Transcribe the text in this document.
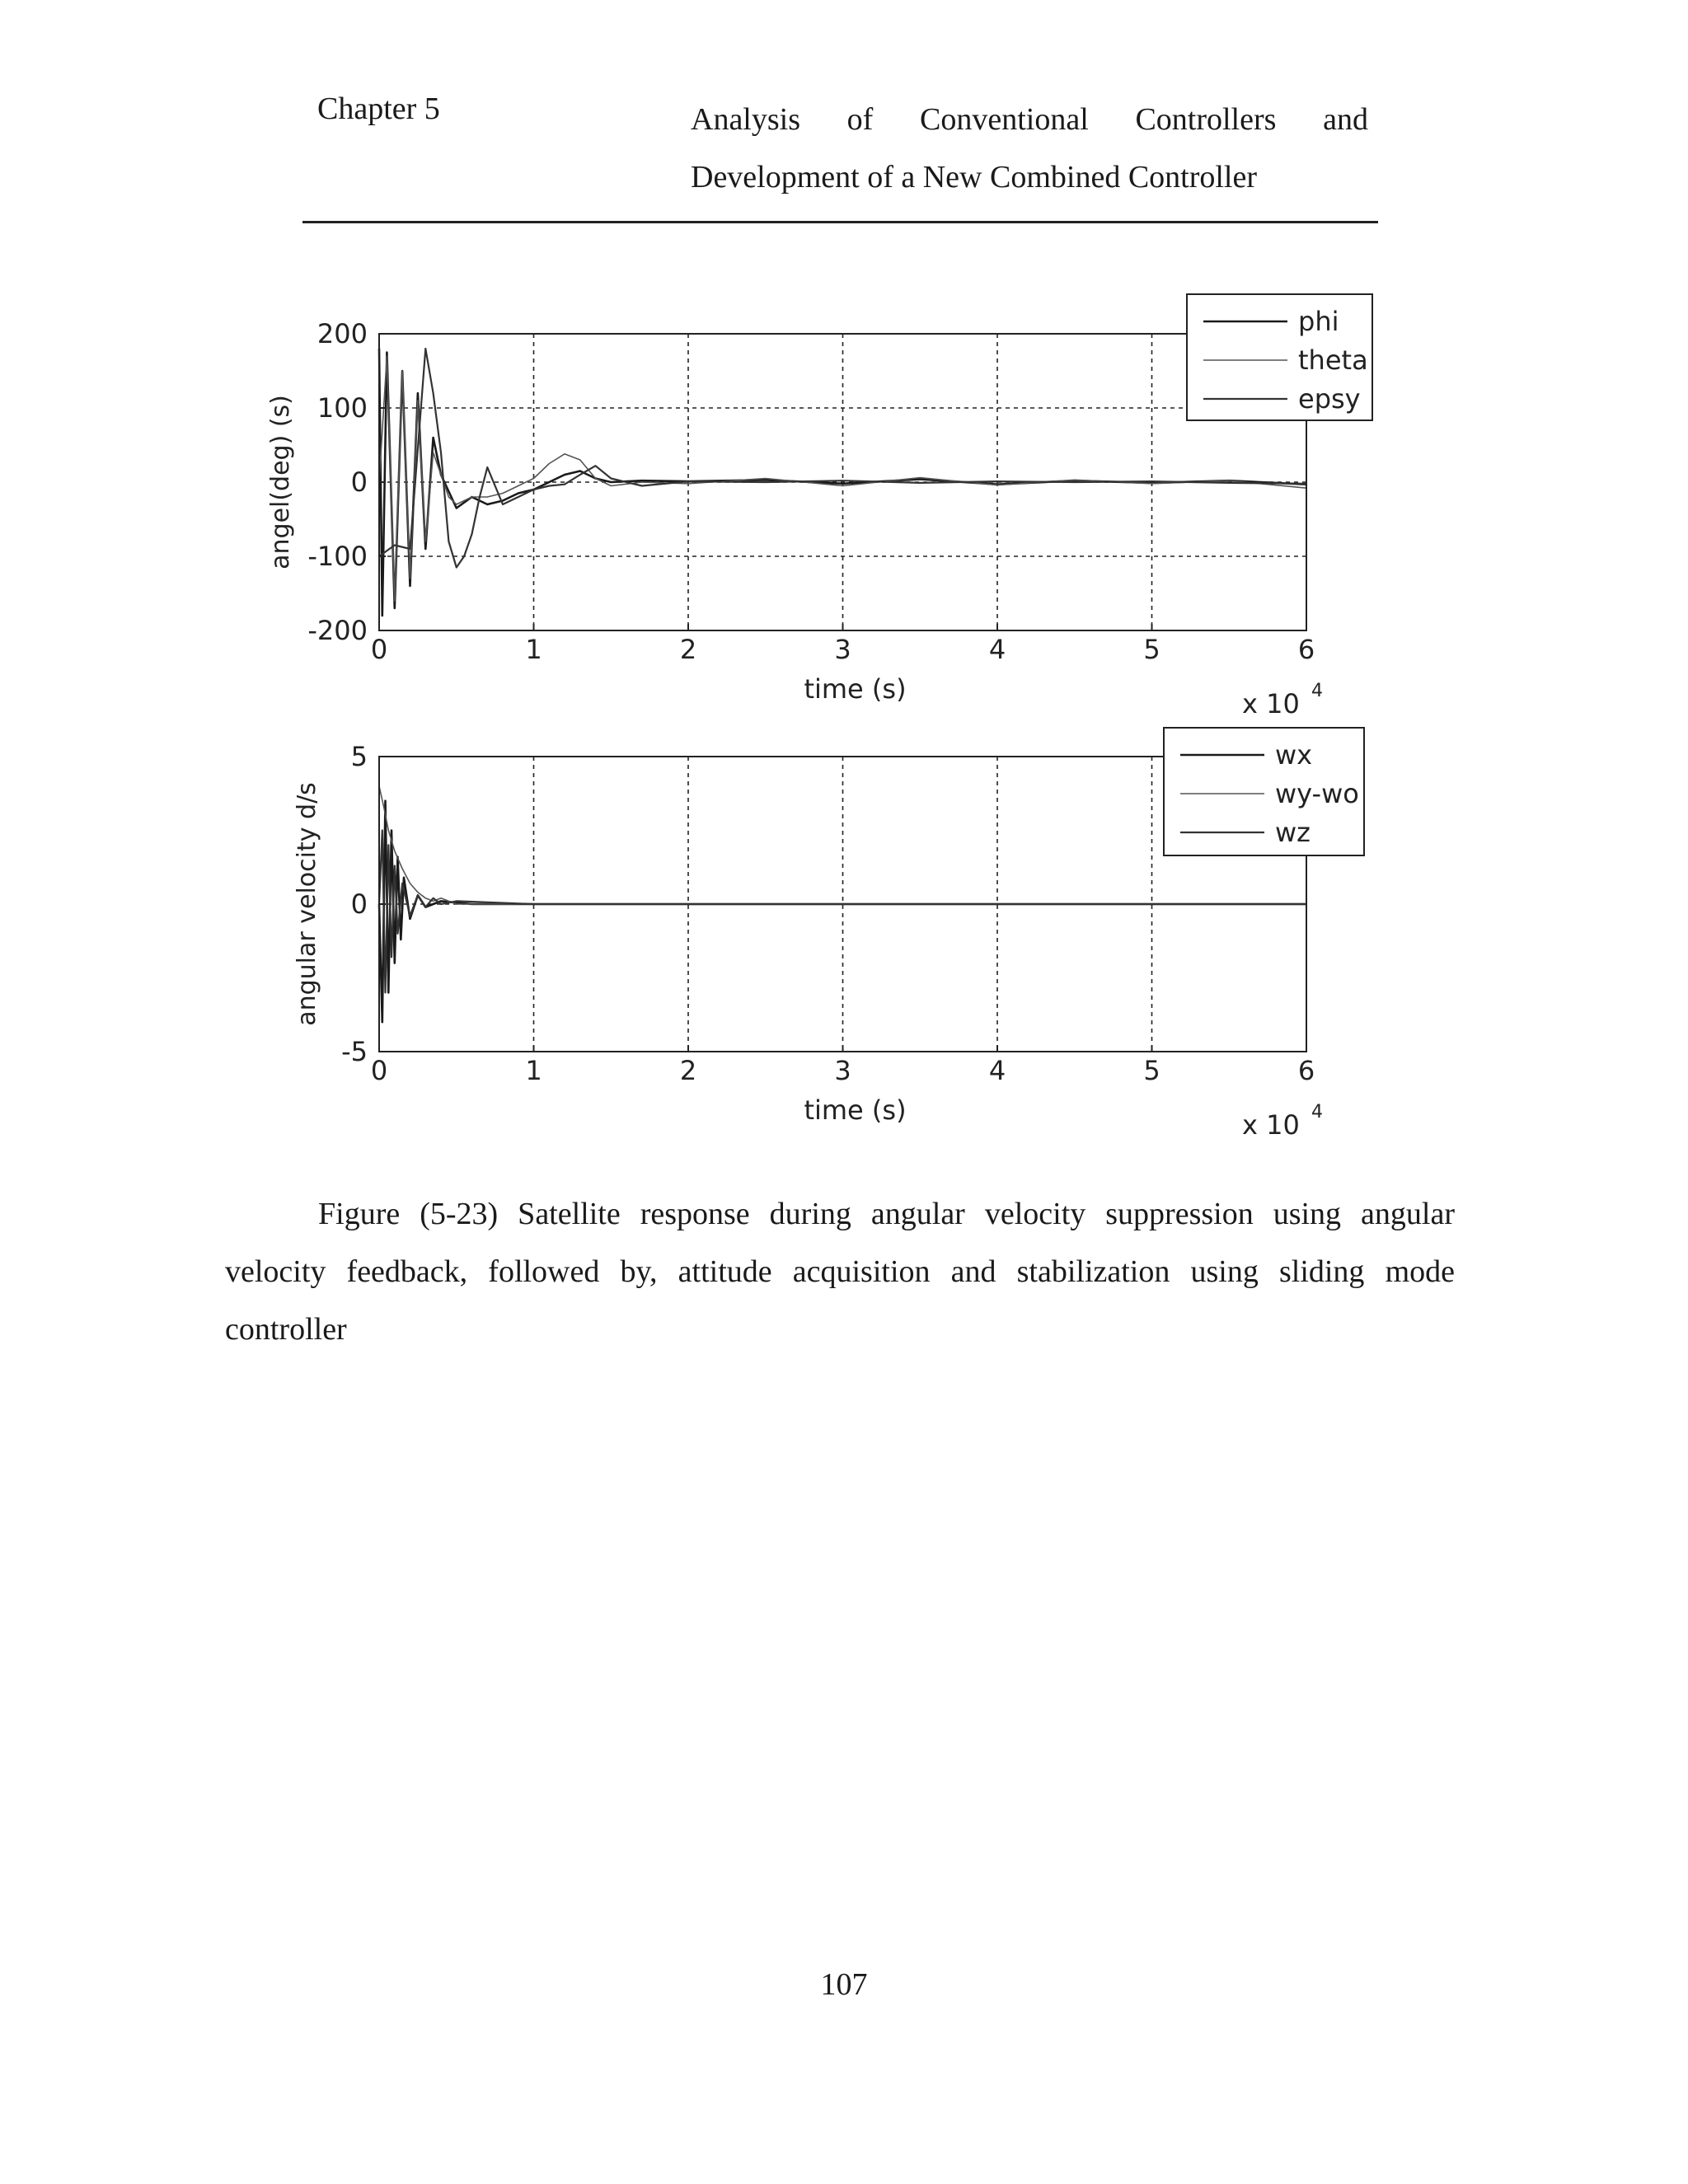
Chapter 5	Analysis of Conventional Controllers and
Development of a New Combined Controller
0	1	2	3	4	5	6
200
100
0
-100
-200
time (s)
angel(deg) (s)
x 10 4
phi
theta
epsy
0	1	2	3	4	5	6
5
0
-5
time (s)
angular velocity d/s
x 10 4
wx
wy-wo
wz
Figure (5-23) Satellite response during angular velocity suppression using angular velocity feedback, followed by, attitude acquisition and stabilization using sliding mode controller
107
